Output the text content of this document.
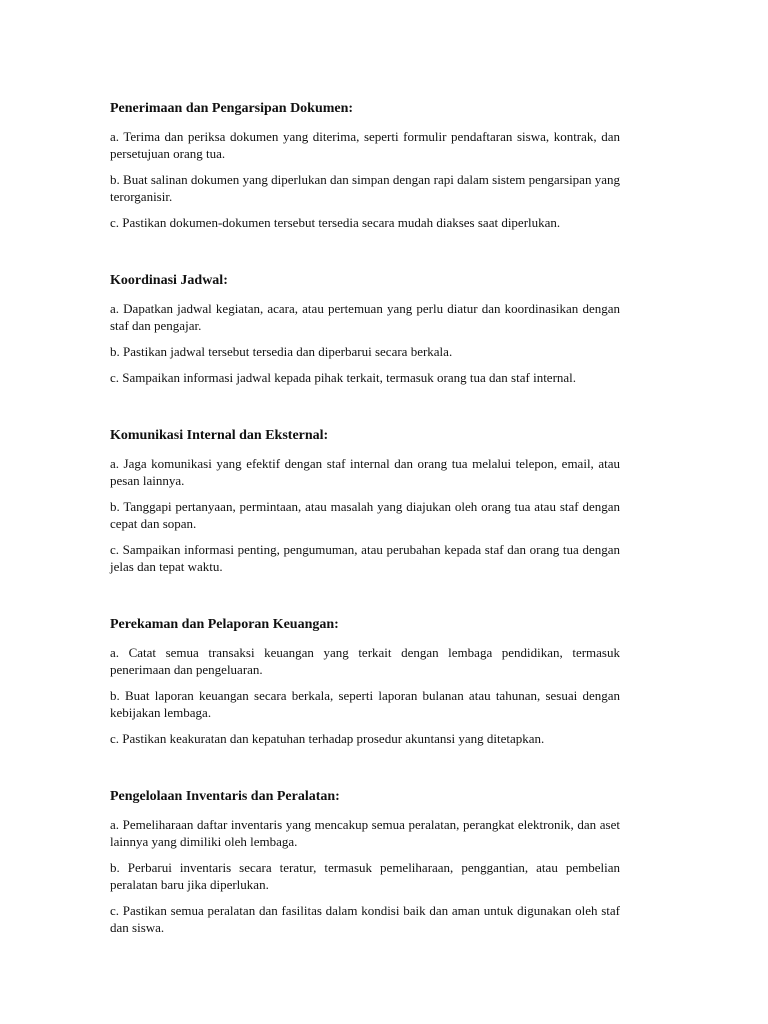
Penerimaan dan Pengarsipan Dokumen:

a. Terima dan periksa dokumen yang diterima, seperti formulir pendaftaran siswa, kontrak, dan persetujuan orang tua.

b. Buat salinan dokumen yang diperlukan dan simpan dengan rapi dalam sistem pengarsipan yang terorganisir.

c. Pastikan dokumen-dokumen tersebut tersedia secara mudah diakses saat diperlukan.

Koordinasi Jadwal:

a. Dapatkan jadwal kegiatan, acara, atau pertemuan yang perlu diatur dan koordinasikan dengan staf dan pengajar.

b. Pastikan jadwal tersebut tersedia dan diperbarui secara berkala.

c. Sampaikan informasi jadwal kepada pihak terkait, termasuk orang tua dan staf internal.

Komunikasi Internal dan Eksternal:

a. Jaga komunikasi yang efektif dengan staf internal dan orang tua melalui telepon, email, atau pesan lainnya.

b. Tanggapi pertanyaan, permintaan, atau masalah yang diajukan oleh orang tua atau staf dengan cepat dan sopan.

c. Sampaikan informasi penting, pengumuman, atau perubahan kepada staf dan orang tua dengan jelas dan tepat waktu.

Perekaman dan Pelaporan Keuangan:

a. Catat semua transaksi keuangan yang terkait dengan lembaga pendidikan, termasuk penerimaan dan pengeluaran.

b. Buat laporan keuangan secara berkala, seperti laporan bulanan atau tahunan, sesuai dengan kebijakan lembaga.

c. Pastikan keakuratan dan kepatuhan terhadap prosedur akuntansi yang ditetapkan.

Pengelolaan Inventaris dan Peralatan:

a. Pemeliharaan daftar inventaris yang mencakup semua peralatan, perangkat elektronik, dan aset lainnya yang dimiliki oleh lembaga.

b. Perbarui inventaris secara teratur, termasuk pemeliharaan, penggantian, atau pembelian peralatan baru jika diperlukan.

c. Pastikan semua peralatan dan fasilitas dalam kondisi baik dan aman untuk digunakan oleh staf dan siswa.
